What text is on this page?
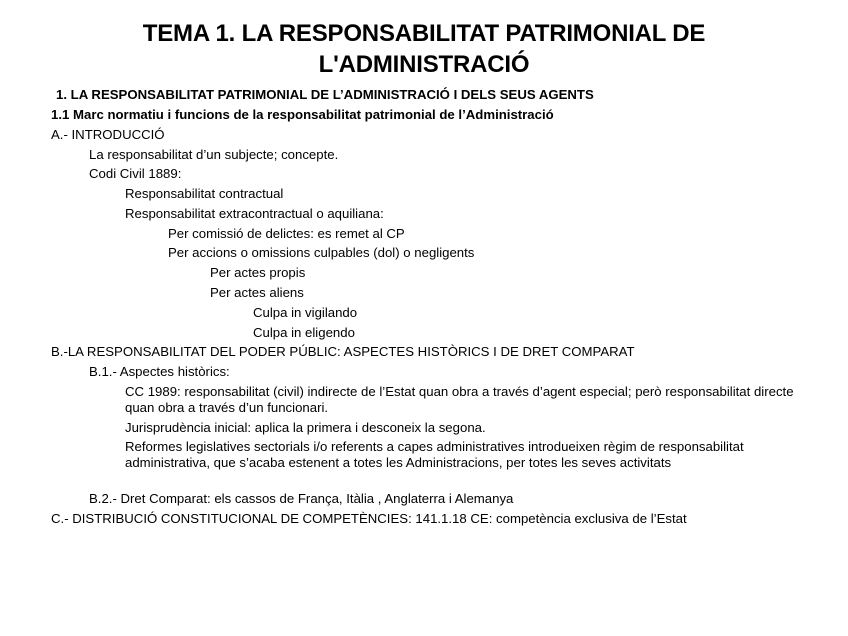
TEMA 1. LA RESPONSABILITAT PATRIMONIAL DE L'ADMINISTRACIÓ
1. LA RESPONSABILITAT PATRIMONIAL DE L’ADMINISTRACIÓ I DELS SEUS AGENTS
1.1 Marc normatiu i funcions de la responsabilitat patrimonial de l’Administració
A.- INTRODUCCIÓ
La responsabilitat d’un subjecte; concepte.
Codi Civil 1889:
Responsabilitat contractual
Responsabilitat extracontractual o aquiliana:
Per comissió de delictes: es remet al CP
Per accions o omissions culpables (dol) o negligents
Per actes propis
Per actes aliens
Culpa in vigilando
Culpa in eligendo
B.-LA RESPONSABILITAT DEL PODER PÚBLIC: ASPECTES HISTÒRICS I DE DRET COMPARAT
B.1.- Aspectes històrics:
CC 1989: responsabilitat (civil) indirecte de l’Estat quan obra a través d’agent especial; però responsabilitat directe quan obra a través d’un funcionari.
Jurisprudència inicial: aplica la primera i desconeix la segona.
Reformes legislatives sectorials i/o referents a capes administratives introdueixen règim de responsabilitat administrativa, que s’acaba estenent a totes les Administracions, per totes les seves activitats
B.2.- Dret Comparat: els cassos de França, Itàlia , Anglaterra i Alemanya
C.- DISTRIBUCIÓ CONSTITUCIONAL DE COMPETÈNCIES: 141.1.18 CE: competència exclusiva de l’Estat
